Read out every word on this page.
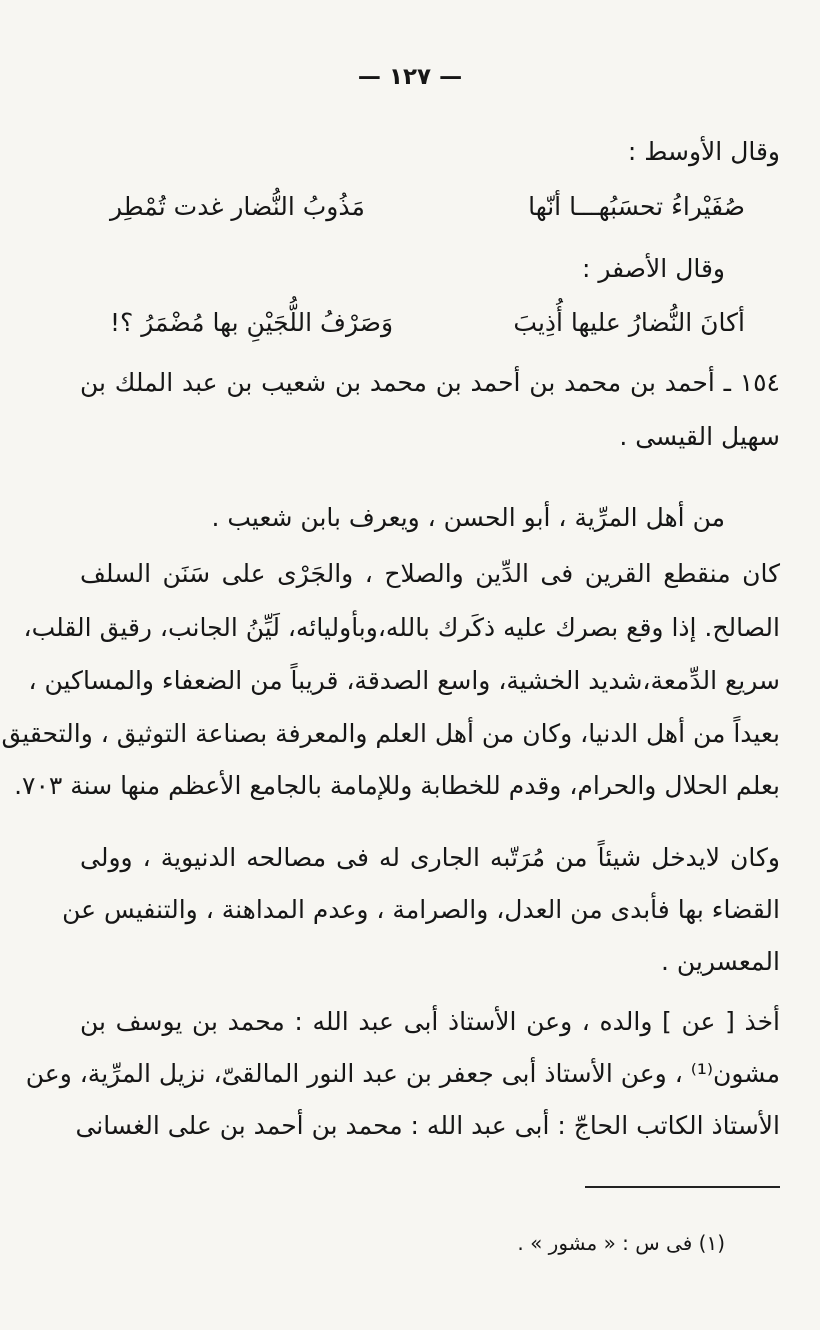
— ١٢٧ —
وقال الأوسط :
صُفَيْراءُ تحسَبُهـــا أنّها
مَذُوبُ النُّضار غدت تُمْطِر
وقال الأصفر :
أكانَ النُّضارُ عليها أُذِيبَ
وَصَرْفُ اللُّجَيْنِ بها مُضْمَرُ ؟!
١٥٤ ـ أحمد بن محمد بن أحمد بن محمد بن شعيب بن عبد الملك بن
سهيل القيسى .
من أهل المرِّية ، أبو الحسن ، ويعرف بابن شعيب .
كان منقطع القرين فى الدِّين والصلاح ، والجَرْى على سَنَن السلف
الصالح. إذا وقع بصرك عليه ذكَرك بالله،وبأوليائه، لَيِّنُ الجانب، رقيق القلب،
سريع الدِّمعة،شديد الخشية، واسع الصدقة، قريباً من الضعفاء والمساكين ،
بعيداً من أهل الدنيا، وكان من أهل العلم والمعرفة بصناعة التوثيق ، والتحقيق
بعلم الحلال والحرام، وقدم للخطابة وللإمامة بالجامع الأعظم منها سنة ٧٠٣.
وكان لايدخل شيئاً من مُرَتّبه الجارى له فى مصالحه الدنيوية ، وولى
القضاء بها فأبدى من العدل، والصرامة ، وعدم المداهنة ، والتنفيس عن
المعسرين .
أخذ [ عن ] والده ، وعن الأستاذ أبى عبد الله : محمد بن يوسف بن
مشون⁽¹⁾ ، وعن الأستاذ أبى جعفر بن عبد النور المالقىّ، نزيل المرِّية، وعن
الأستاذ الكاتب الحاجّ : أبى عبد الله : محمد بن أحمد بن على الغسانى
(١) فى س : « مشور » .
